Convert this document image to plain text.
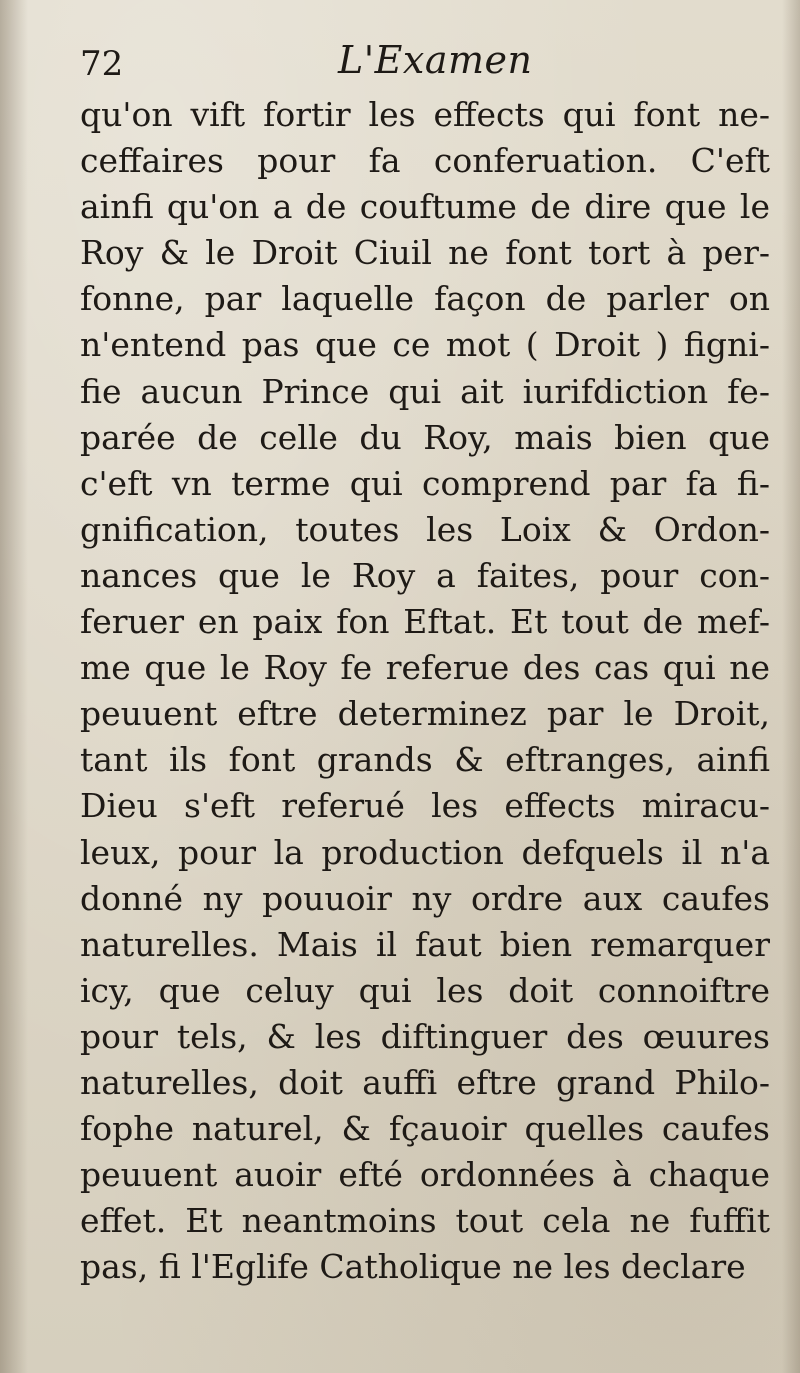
72	L'Examen
qu'on vift fortir les effects qui font ne-
ceffaires pour fa conferuation. C'eft
ainfi qu'on a de couftume de dire que le
Roy & le Droit Ciuil ne font tort à per-
fonne, par laquelle façon de parler on
n'entend pas que ce mot ( Droit ) figni-
fie aucun Prince qui ait iurifdiction fe-
parée de celle du Roy, mais bien que
c'eft vn terme qui comprend par fa fi-
gnification, toutes les Loix & Ordon-
nances que le Roy a faites, pour con-
feruer en paix fon Eftat. Et tout de mef-
me que le Roy fe referue des cas qui ne
peuuent eftre determinez par le Droit,
tant ils font grands & eftranges, ainfi
Dieu s'eft referué les effects miracu-
leux, pour la production defquels il n'a
donné ny pouuoir ny ordre aux caufes
naturelles. Mais il faut bien remarquer
icy, que celuy qui les doit connoiftre
pour tels, & les diftinguer des œuures
naturelles, doit auffi eftre grand Philo-
fophe naturel, & fçauoir quelles caufes
peuuent auoir efté ordonnées à chaque
effet. Et neantmoins tout cela ne fuffit
pas, fi l'Eglife Catholique ne les declare
